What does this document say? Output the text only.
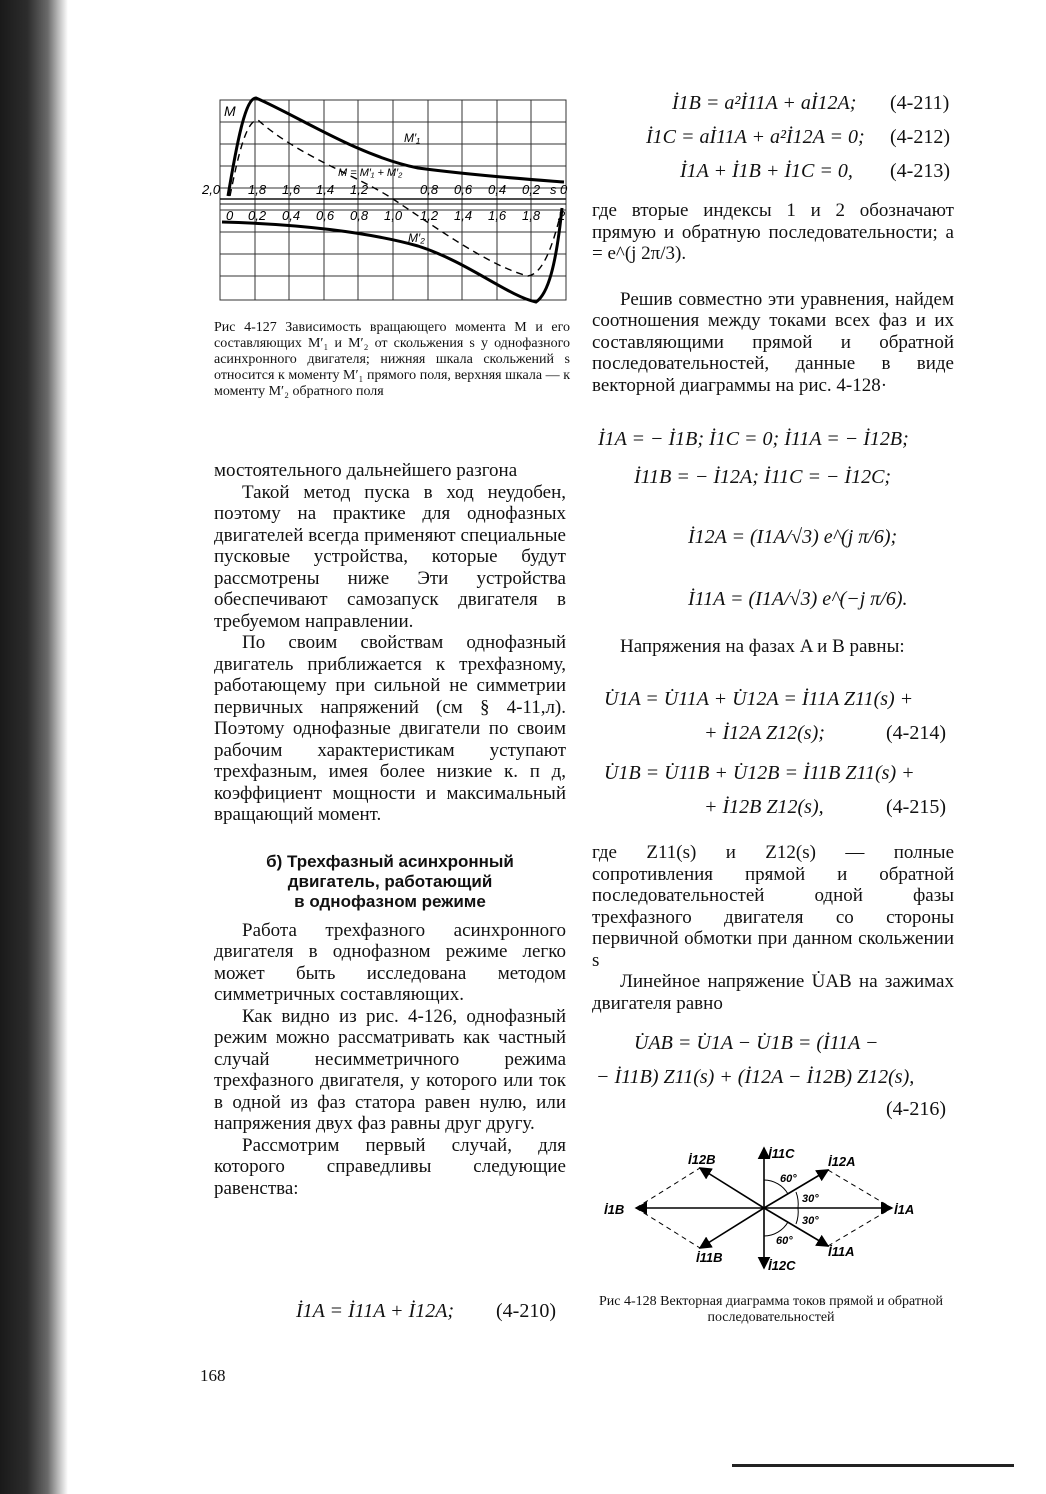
M
M′₁
M = M′₁ + M′₂
M′₂
2,0 1,8 1,6 1,4 1,2	0,8 0,6 0,4 0,2 s 0
0 0,2 0,4 0,6 0,8 1,0 1,2 1,4 1,6 1,8 2
Рис 4-127 Зависимость вращающего момента M и его составляющих M′₁ и M′₂ от скольжения s у однофазного асинхронного двигателя; нижняя шкала скольжений s относится к моменту M′₁ прямого поля, верхняя шкала — к моменту M′₂ обратного поля

мостоятельного дальнейшего разгона

Такой метод пуска в ход неудобен, поэтому на практике для однофазных двигателей всегда применяют специальные пусковые устройства, которые будут рассмотрены ниже Эти устройства обеспечивают самозапуск двигателя в требуемом направлении.

По своим свойствам однофазный двигатель приближается к трехфазному, работающему при сильной не симметрии первичных напряжений (см § 4-11,л). Поэтому однофазные двигатели по своим рабочим характеристикам уступают трехфазным, имея более низкие к. п д, коэффициент мощности и максимальный вращающий момент.

б) Трехфазный асинхронный
двигатель, работающий
в однофазном режиме

Работа трехфазного асинхронного двигателя в однофазном режиме легко может быть исследована методом симметричных составляющих.

Как видно из рис. 4-126, однофазный режим можно рассматривать как частный случай несимметричного режима трехфазного двигателя, у которого или ток в одной из фаз статора равен нулю, или напряжения двух фаз равны друг другу.

Рассмотрим первый случай, для которого справедливы следующие равенства:

İ1A = İ11A + İ12A; (4-210)
168
İ1B = a²İ11A + aİ12A; (4-211)
İ1C = aİ11A + a²İ12A = 0; (4-212)
İ1A + İ1B + İ1C = 0, (4-213)

где вторые индексы 1 и 2 обозначают прямую и обратную последовательности; a = e^(j 2π/3).

Решив совместно эти уравнения, найдем соотношения между токами всех фаз и их составляющими прямой и обратной последовательностей, данные в виде векторной диаграммы на рис. 4-128·

İ1A = − İ1B; İ1C = 0; İ11A = − İ12B;
İ11B = − İ12A; İ11C = − İ12C;
İ12A = (I1A/√3) e^(j π/6);
İ11A = (I1A/√3) e^(−j π/6).

Напряжения на фазах A и B равны:

U̇1A = U̇11A + U̇12A = İ11A Z11(s) +
+ İ12A Z12(s);	(4-214)
U̇1B = U̇11B + U̇12B = İ11B Z11(s) +
+ İ12B Z12(s),	(4-215)

где Z11(s) и Z12(s) — полные сопротивления прямой и обратной последовательностей одной фазы трехфазного двигателя со стороны первичной обмотки при данном скольжении s

Линейное напряжение U̇AB на зажимах двигателя равно

U̇AB = U̇1A − U̇1B = (İ11A −
− İ11B) Z11(s) + (İ12A − İ12B) Z12(s),
(4-216)
İ1A
İ1B
İ11C
İ12C
İ12A
İ12B
İ11A
İ11B
60°
30°
30°
60°
Рис 4-128 Векторная диаграмма токов прямой и обратной последовательностей
